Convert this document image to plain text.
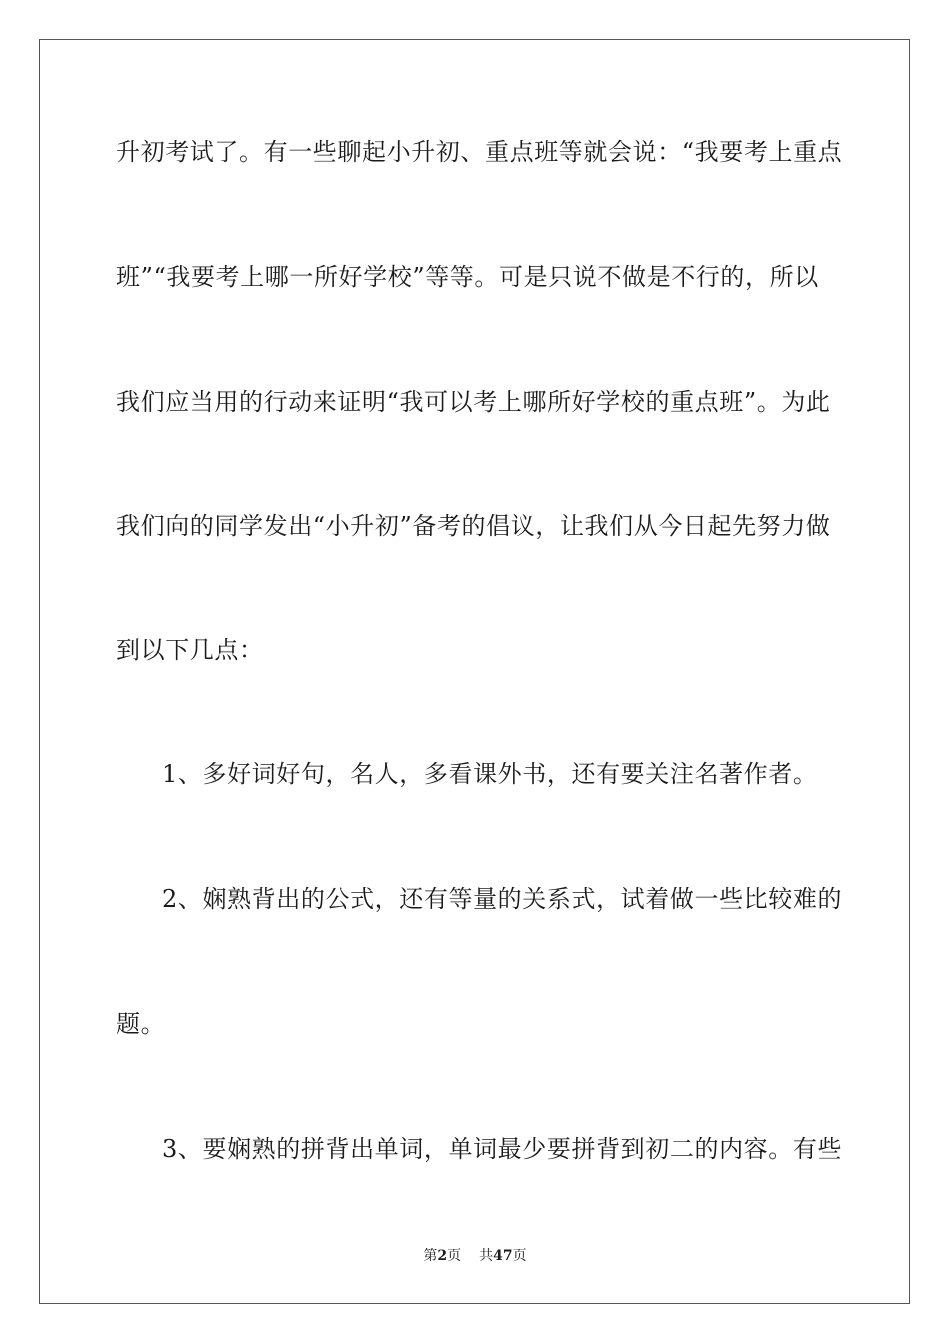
升初考试了。有一些聊起小升初、重点班等就会说：“我要考上重点
班”“我要考上哪一所好学校”等等。可是只说不做是不行的，所以
我们应当用的行动来证明“我可以考上哪所好学校的重点班”。为此
我们向的同学发出“小升初”备考的倡议，让我们从今日起先努力做
到以下几点：
1、多好词好句，名人，多看课外书，还有要关注名著作者。
2、娴熟背出的公式，还有等量的关系式，试着做一些比较难的
题。
3、要娴熟的拼背出单词，单词最少要拼背到初二的内容。有些
第2页 共47页
